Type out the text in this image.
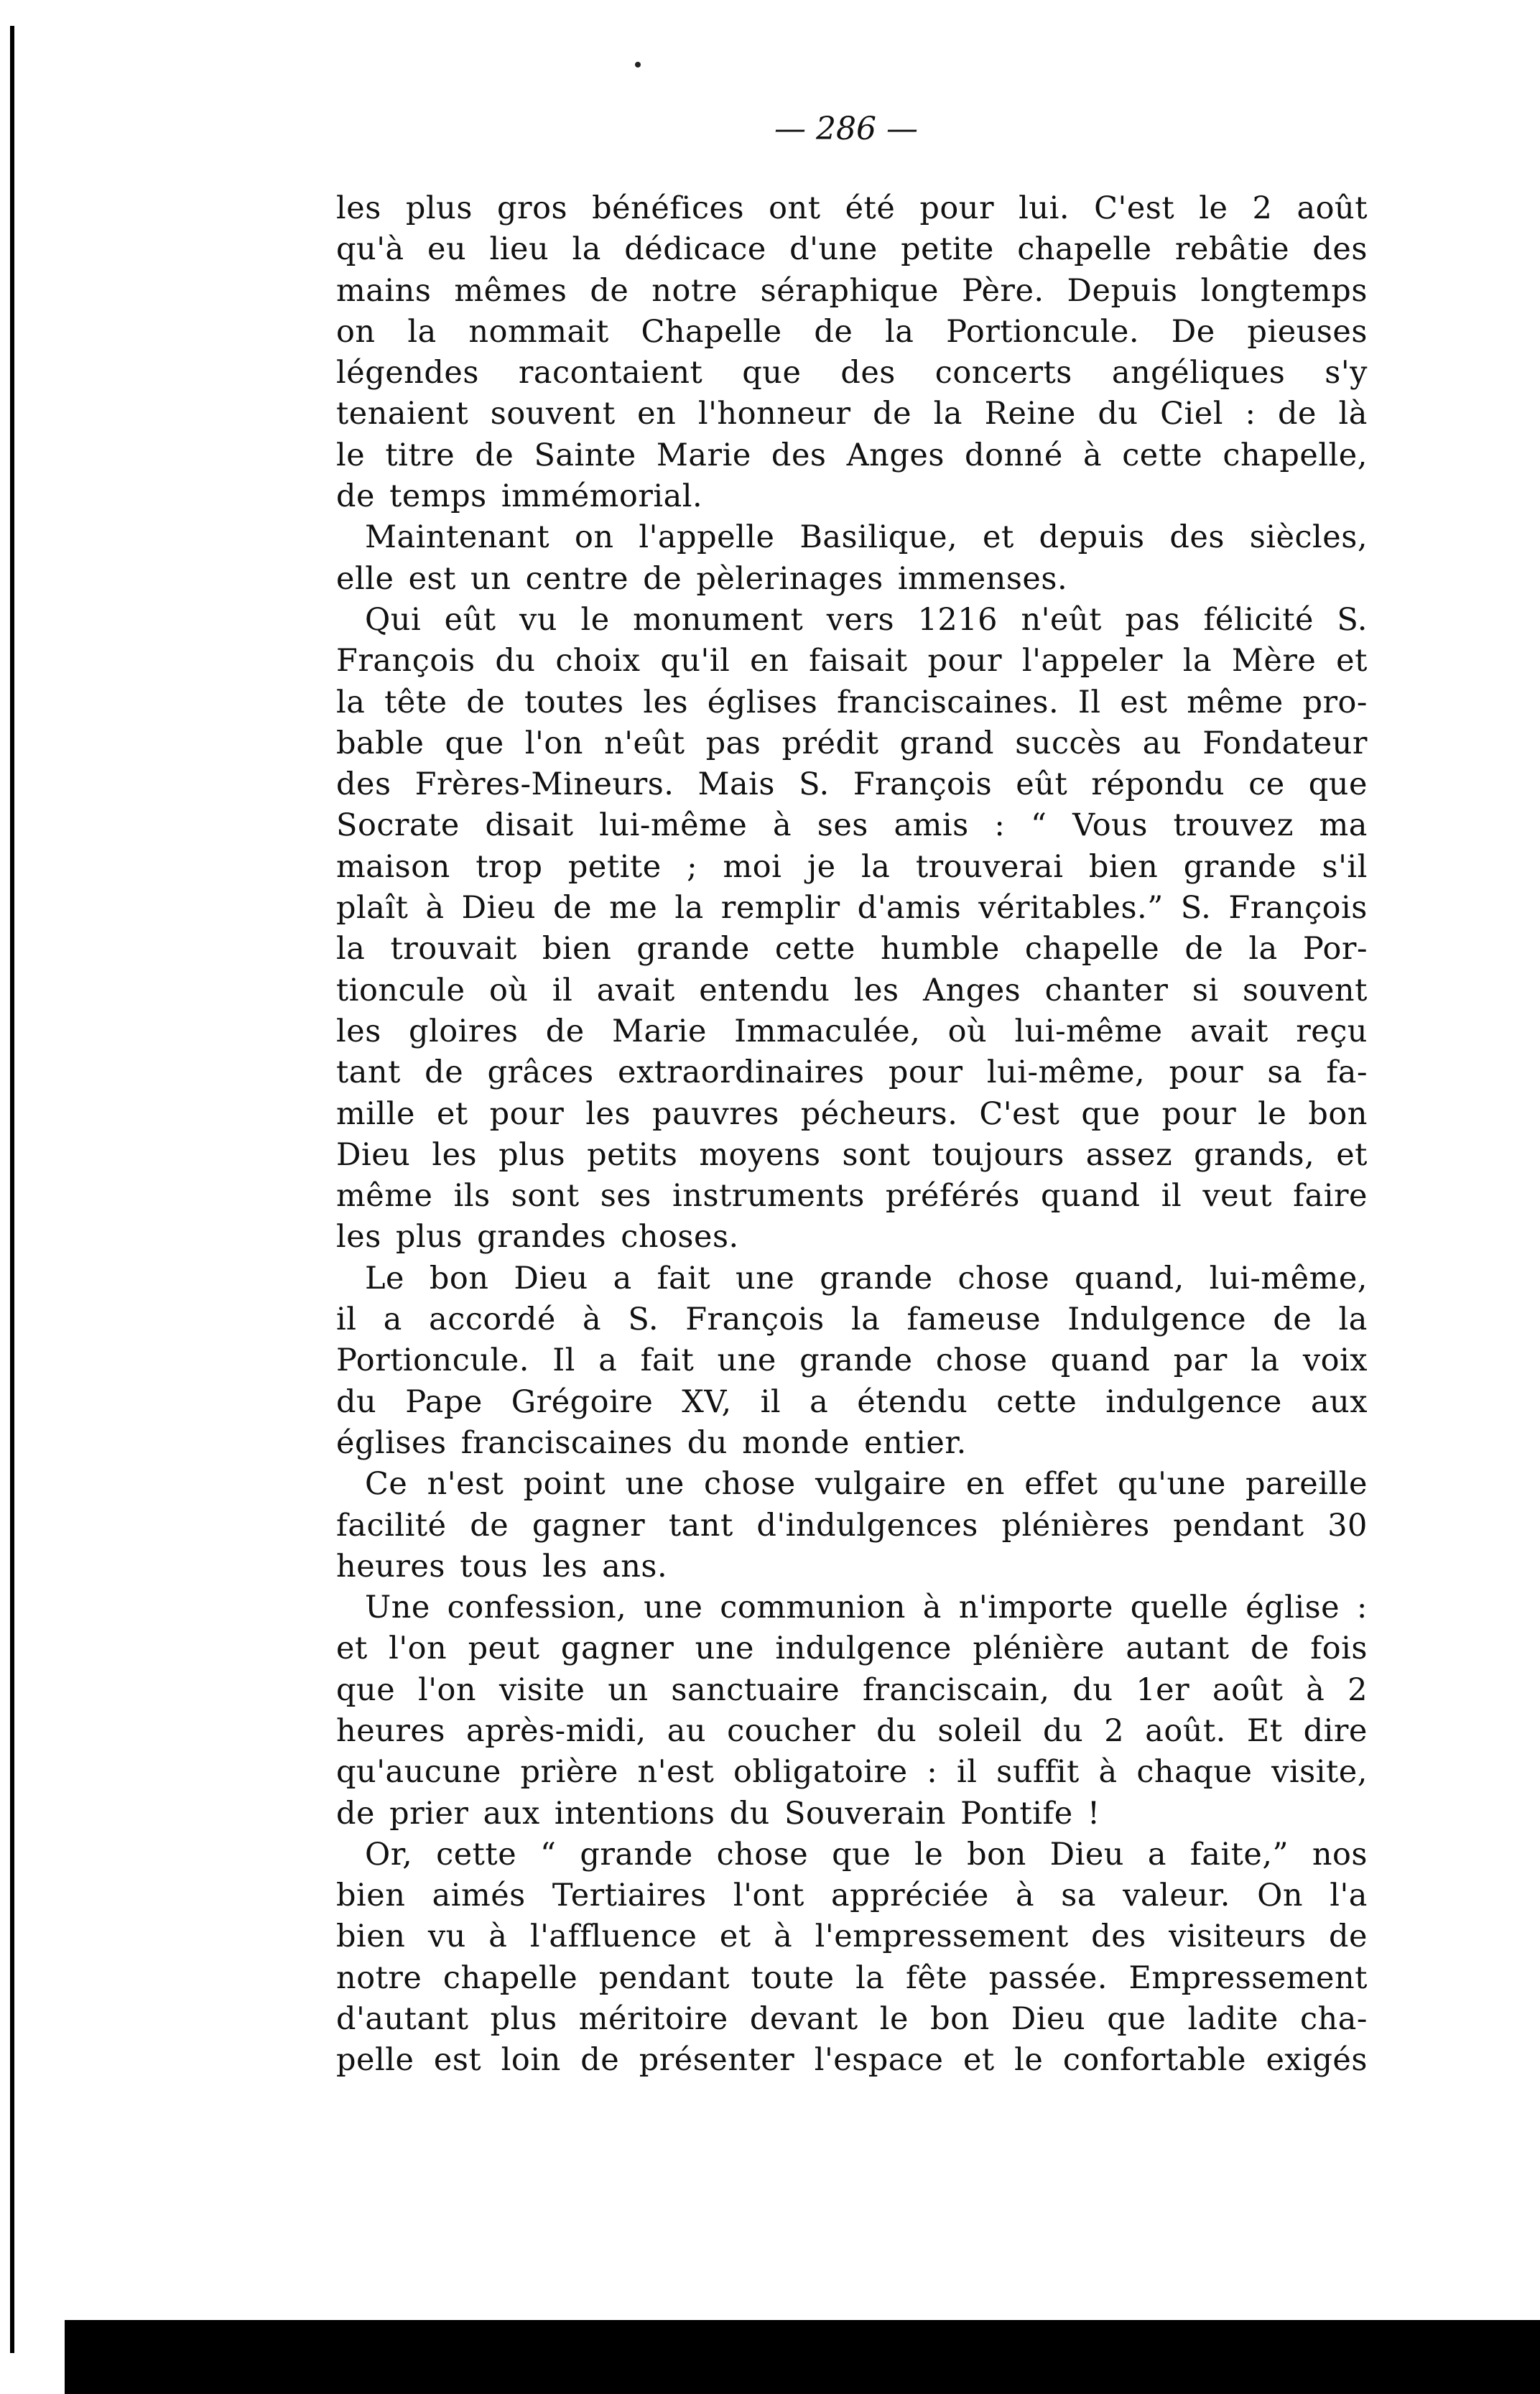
— 286 —
les plus gros bénéfices ont été pour lui. C'est le 2 août
qu'à eu lieu la dédicace d'une petite chapelle rebâtie des
mains mêmes de notre séraphique Père. Depuis longtemps
on la nommait Chapelle de la Portioncule. De pieuses
légendes racontaient que des concerts angéliques s'y
tenaient souvent en l'honneur de la Reine du Ciel : de là
le titre de Sainte Marie des Anges donné à cette chapelle,
de temps immémorial.
Maintenant on l'appelle Basilique, et depuis des siècles,
elle est un centre de pèlerinages immenses.
Qui eût vu le monument vers 1216 n'eût pas félicité S.
François du choix qu'il en faisait pour l'appeler la Mère et
la tête de toutes les églises franciscaines. Il est même pro-
bable que l'on n'eût pas prédit grand succès au Fondateur
des Frères-Mineurs. Mais S. François eût répondu ce que
Socrate disait lui-même à ses amis : “ Vous trouvez ma
maison trop petite ; moi je la trouverai bien grande s'il
plaît à Dieu de me la remplir d'amis véritables.” S. François
la trouvait bien grande cette humble chapelle de la Por-
tioncule où il avait entendu les Anges chanter si souvent
les gloires de Marie Immaculée, où lui-même avait reçu
tant de grâces extraordinaires pour lui-même, pour sa fa-
mille et pour les pauvres pécheurs. C'est que pour le bon
Dieu les plus petits moyens sont toujours assez grands, et
même ils sont ses instruments préférés quand il veut faire
les plus grandes choses.
Le bon Dieu a fait une grande chose quand, lui-même,
il a accordé à S. François la fameuse Indulgence de la
Portioncule. Il a fait une grande chose quand par la voix
du Pape Grégoire XV, il a étendu cette indulgence aux
églises franciscaines du monde entier.
Ce n'est point une chose vulgaire en effet qu'une pareille
facilité de gagner tant d'indulgences plénières pendant 30
heures tous les ans.
Une confession, une communion à n'importe quelle église :
et l'on peut gagner une indulgence plénière autant de fois
que l'on visite un sanctuaire franciscain, du 1er août à 2
heures après-midi, au coucher du soleil du 2 août. Et dire
qu'aucune prière n'est obligatoire : il suffit à chaque visite,
de prier aux intentions du Souverain Pontife !
Or, cette “ grande chose que le bon Dieu a faite,” nos
bien aimés Tertiaires l'ont appréciée à sa valeur. On l'a
bien vu à l'affluence et à l'empressement des visiteurs de
notre chapelle pendant toute la fête passée. Empressement
d'autant plus méritoire devant le bon Dieu que ladite cha-
pelle est loin de présenter l'espace et le confortable exigés
